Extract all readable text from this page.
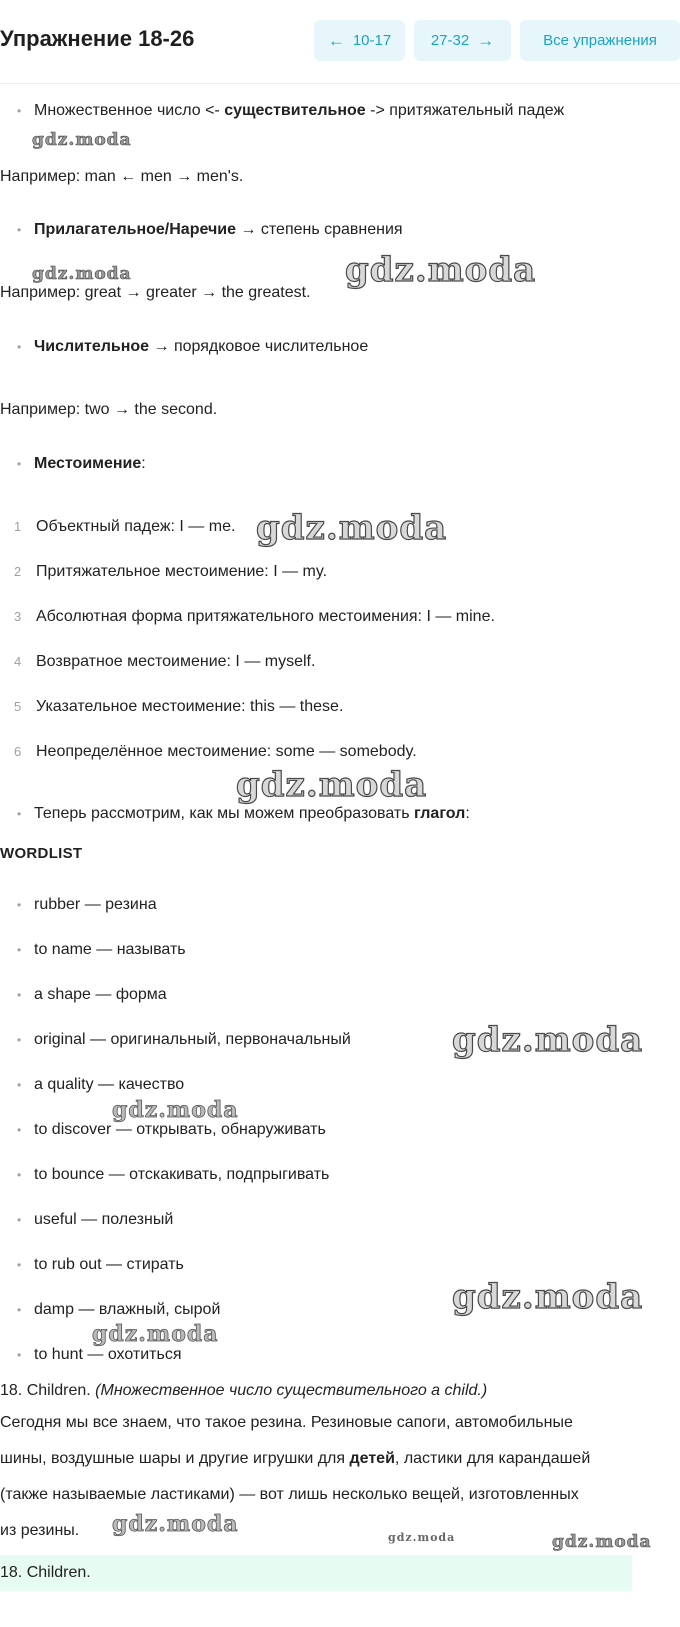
Упражнение 18-26	← 10-17	27-32 →	Все упражнения
• Множественное число <- существительное -> притяжательный падеж
Например: man ← men → men's.
• Прилагательное/Наречие → степень сравнения
Например: great → greater → the greatest.
• Числительное → порядковое числительное
Например: two → the second.
• Местоимение:
1 Объектный падеж: I — me.
2 Притяжательное местоимение: I — my.
3 Абсолютная форма притяжательного местоимения: I — mine.
4 Возвратное местоимение: I — myself.
5 Указательное местоимение: this — these.
6 Неопределённое местоимение: some — somebody.
• Теперь рассмотрим, как мы можем преобразовать глагол:
WORDLIST
• rubber — резина
• to name — называть
• a shape — форма
• original — оригинальный, первоначальный
• a quality — качество
• to discover — открывать, обнаруживать
• to bounce — отскакивать, подпрыгивать
• useful — полезный
• to rub out — стирать
• damp — влажный, сырой
• to hunt — охотиться
18. Children. (Множественное число существительного a child.)
Сегодня мы все знаем, что такое резина. Резиновые сапоги, автомобильные
шины, воздушные шары и другие игрушки для детей, ластики для карандашей
(также называемые ластиками) — вот лишь несколько вещей, изготовленных
из резины.
18. Children.
gdz.moda
gdz.moda	gdz.moda
gdz.moda
gdz.moda
gdz.moda
gdz.moda
gdz.moda
gdz.moda
gdz.moda
gdz.moda	gdz.moda
